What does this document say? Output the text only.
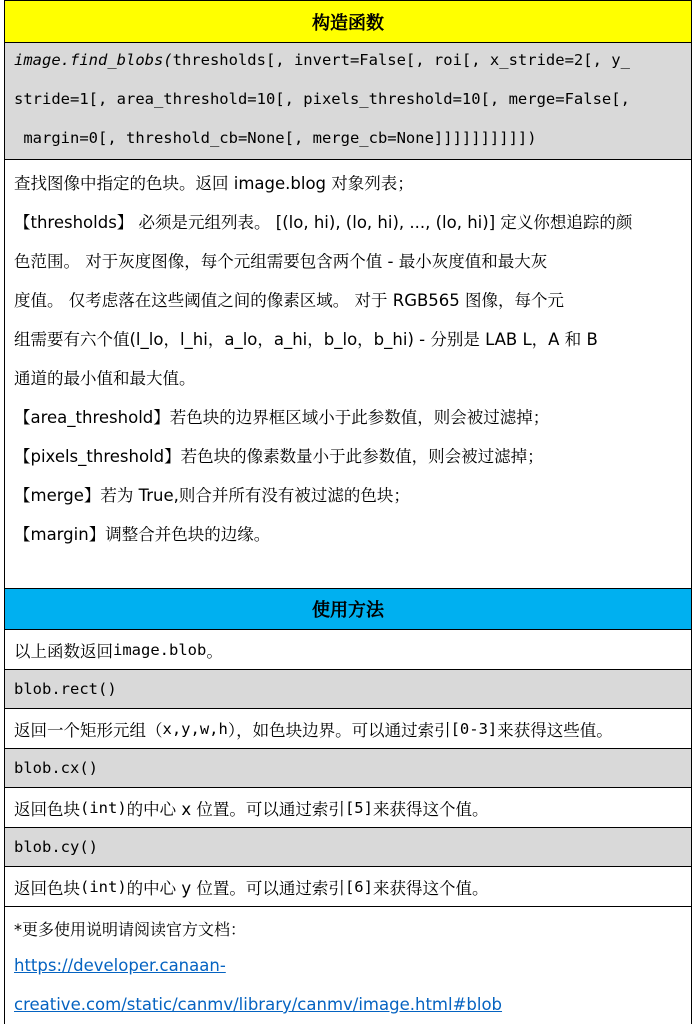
构造函数
image.find_blobs(thresholds[, invert=False[, roi[, x_stride=2[, y_
stride=1[, area_threshold=10[, pixels_threshold=10[, merge=False[,
margin=0[, threshold_cb=None[, merge_cb=None]]]]]]]]]])
查找图像中指定的色块。返回 image.blog 对象列表；
【thresholds】 必须是元组列表。 [(lo, hi), (lo, hi), ..., (lo, hi)] 定义你想追踪的颜
色范围。 对于灰度图像，每个元组需要包含两个值 - 最小灰度值和最大灰
度值。 仅考虑落在这些阈值之间的像素区域。 对于 RGB565 图像，每个元
组需要有六个值(l_lo，l_hi，a_lo，a_hi，b_lo，b_hi) - 分别是 LAB L，A 和 B
通道的最小值和最大值。
【area_threshold】若色块的边界框区域小于此参数值，则会被过滤掉；
【pixels_threshold】若色块的像素数量小于此参数值，则会被过滤掉；
【merge】若为 True,则合并所有没有被过滤的色块；
【margin】调整合并色块的边缘。
使用方法
以上函数返回 image.blob 。
blob.rect()
返回一个矩形元组（ x,y,w,h ），如色块边界。可以通过索引 [0-3] 来获得这些值。
blob.cx()
返回色块 (int) 的中心 x 位置。可以通过索引 [5] 来获得这个值。
blob.cy()
返回色块 (int) 的中心 y 位置。可以通过索引 [6] 来获得这个值。
*更多使用说明请阅读官方文档：
https://developer.canaan-
creative.com/static/canmv/library/canmv/image.html#blob
